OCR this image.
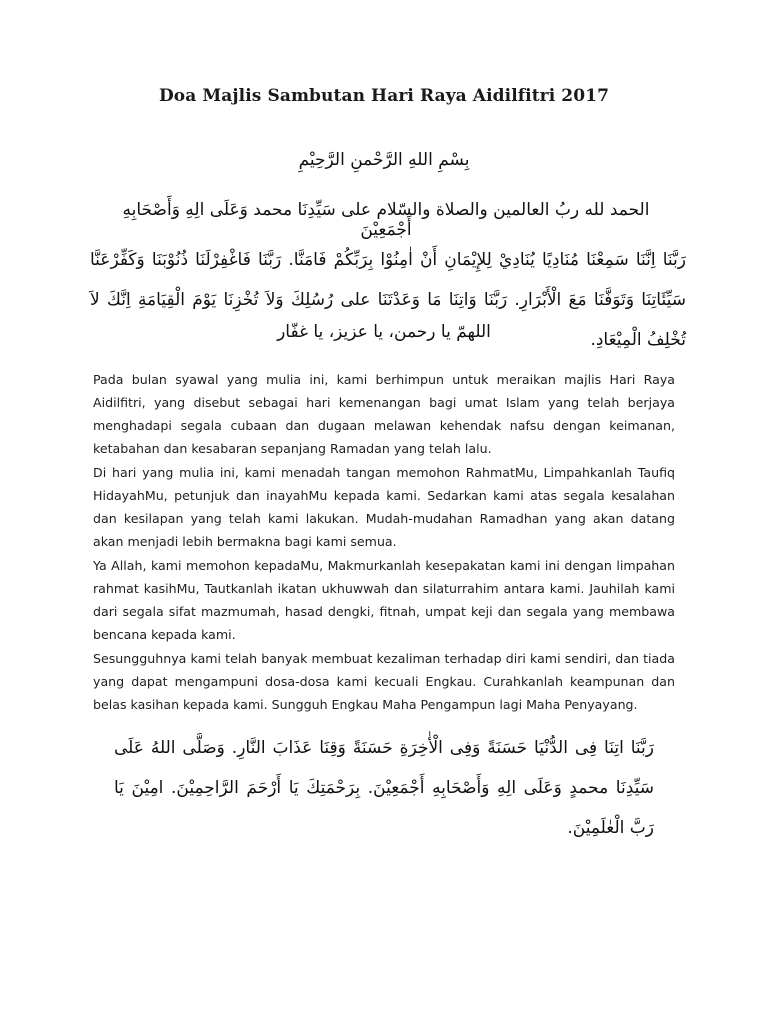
Doa Majlis Sambutan Hari Raya Aidilfitri 2017
بِسْمِ اللهِ الرَّحْمنِ الرَّحِيْمِ
الحمد لله ربُ العالمين والصلاة والسّلام على سَيِّدِنَا محمد وَعَلَى الِهِ وَأَصْحَابِهِ أَجْمَعِيْنَ
رَبَّنَا اِنَّنَا سَمِعْنَا مُنَادِيًا يُنَادِيْ لِلإِيْمَانِ أَنْ اٰمِنُوْا بِرَبِّكُمْ فَامَنَّا. رَبَّنَا فَاغْفِرْلَنَا ذُنُوْبَنَا وَكَفِّرْعَنَّا سَيِّئَاتِنَا وَتَوَفَّنَا مَعَ الْأَبْرَارِ. رَبَّنَا وَاتِنَا مَا وَعَدْتَنَا على رُسُلِكَ وَلاَ تُخْزِنَا يَوْمَ الْقِيَامَةِ اِنَّكَ لاَ تُخْلِفُ الْمِيْعَادِ.
اللهمّ يا رحمن، يا عزيز، يا غفّار

Pada bulan syawal yang mulia ini, kami berhimpun untuk meraikan majlis Hari Raya Aidilfitri, yang disebut sebagai hari kemenangan bagi umat Islam yang telah berjaya menghadapi segala cubaan dan dugaan melawan kehendak nafsu dengan keimanan, ketabahan dan kesabaran sepanjang Ramadan yang telah lalu.

Di hari yang mulia ini, kami menadah tangan memohon RahmatMu, Limpahkanlah Taufiq HidayahMu, petunjuk dan inayahMu kepada kami. Sedarkan kami atas segala kesalahan dan kesilapan yang telah kami lakukan. Mudah-mudahan Ramadhan yang akan datang akan menjadi lebih bermakna bagi kami semua.

Ya Allah, kami memohon kepadaMu, Makmurkanlah kesepakatan kami ini dengan limpahan rahmat kasihMu, Tautkanlah ikatan ukhuwwah dan silaturrahim antara kami. Jauhilah kami dari segala sifat mazmumah, hasad dengki, fitnah, umpat keji dan segala yang membawa bencana kepada kami.

Sesungguhnya kami telah banyak membuat kezaliman terhadap diri kami sendiri, dan tiada yang dapat mengampuni dosa-dosa kami kecuali Engkau. Curahkanlah keampunan dan belas kasihan kepada kami. Sungguh Engkau Maha Pengampun lagi Maha Penyayang.

رَبَّنَا اتِنَا فِى الدُّنْيَا حَسَنَةً وَفِى الْأٰخِرَةِ حَسَنَةً وَقِنَا عَذَابَ النَّارِ. وَصَلَّى اللهُ عَلَى سَيِّدِنَا محمدٍ وَعَلَى الِهِ وَأَصْحَابِهِ أَجْمَعِيْنَ. بِرَحْمَتِكَ يَا أَرْحَمَ الرَّاحِمِيْنَ. امِيْنَ يَا رَبَّ الْعٰلَمِيْنَ.
